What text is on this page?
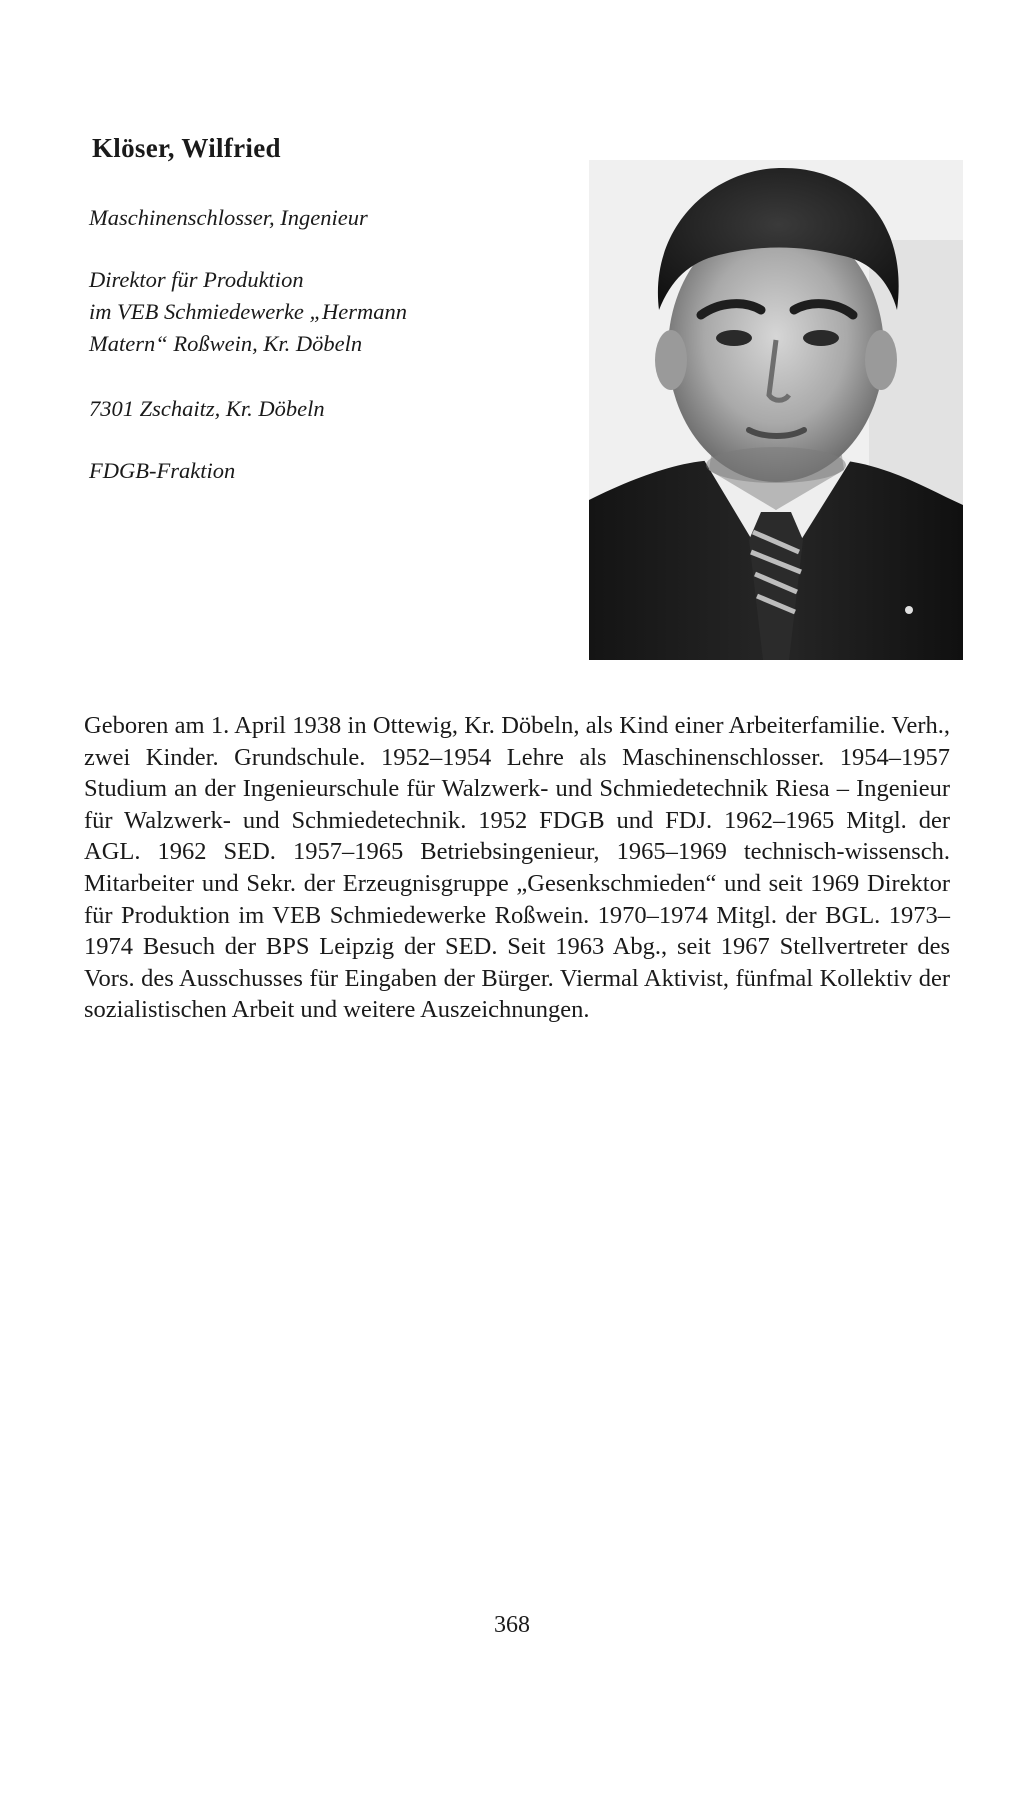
Klöser, Wilfried

Maschinenschlosser, Ingenieur

Direktor für Produktion
im VEB Schmiedewerke „Hermann
Matern“ Roßwein, Kr. Döbeln

7301 Zschaitz, Kr. Döbeln

FDGB-Fraktion

Geboren am 1. April 1938 in Ottewig, Kr. Döbeln, als Kind einer Arbeiterfamilie. Verh., zwei Kinder. Grundschule. 1952–1954 Lehre als Maschinenschlosser. 1954–1957 Studium an der Ingenieurschule für Walzwerk- und Schmiedetechnik Riesa – Ingenieur für Walzwerk- und Schmiedetechnik. 1952 FDGB und FDJ. 1962–1965 Mitgl. der AGL. 1962 SED. 1957–1965 Betriebsingenieur, 1965–1969 technisch-wissensch. Mitarbeiter und Sekr. der Erzeugnisgruppe „Gesenkschmieden“ und seit 1969 Direktor für Produktion im VEB Schmiedewerke Roßwein. 1970–1974 Mitgl. der BGL. 1973–1974 Besuch der BPS Leipzig der SED. Seit 1963 Abg., seit 1967 Stellvertreter des Vors. des Ausschusses für Eingaben der Bürger. Viermal Aktivist, fünfmal Kollektiv der sozialistischen Arbeit und weitere Auszeichnungen.

368
